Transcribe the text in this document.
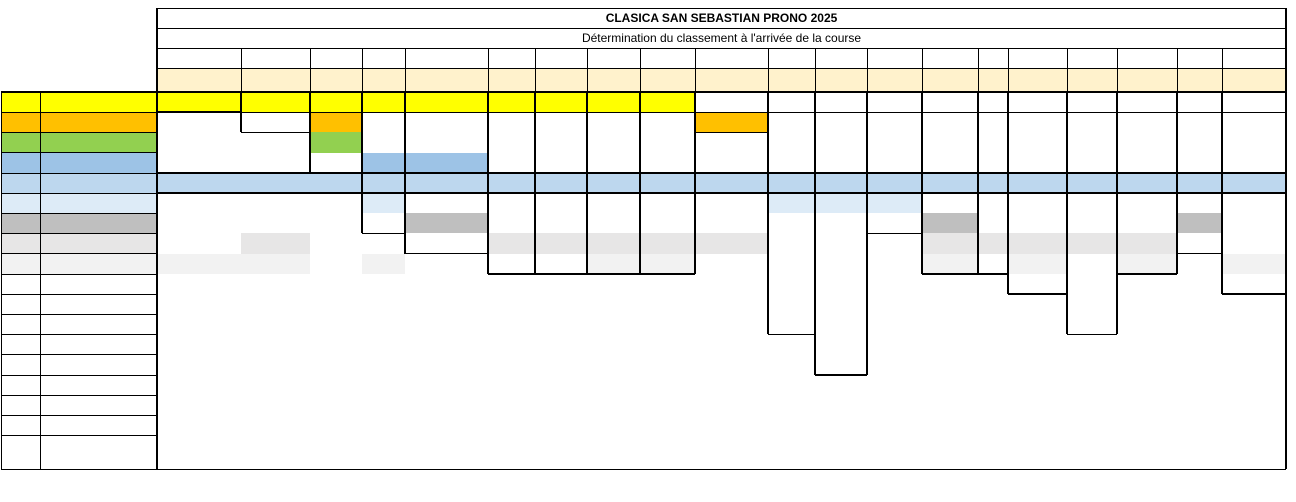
CLASICA SAN SEBASTIAN PRONO 2025
Détermination du classement à l'arrivée de la course
